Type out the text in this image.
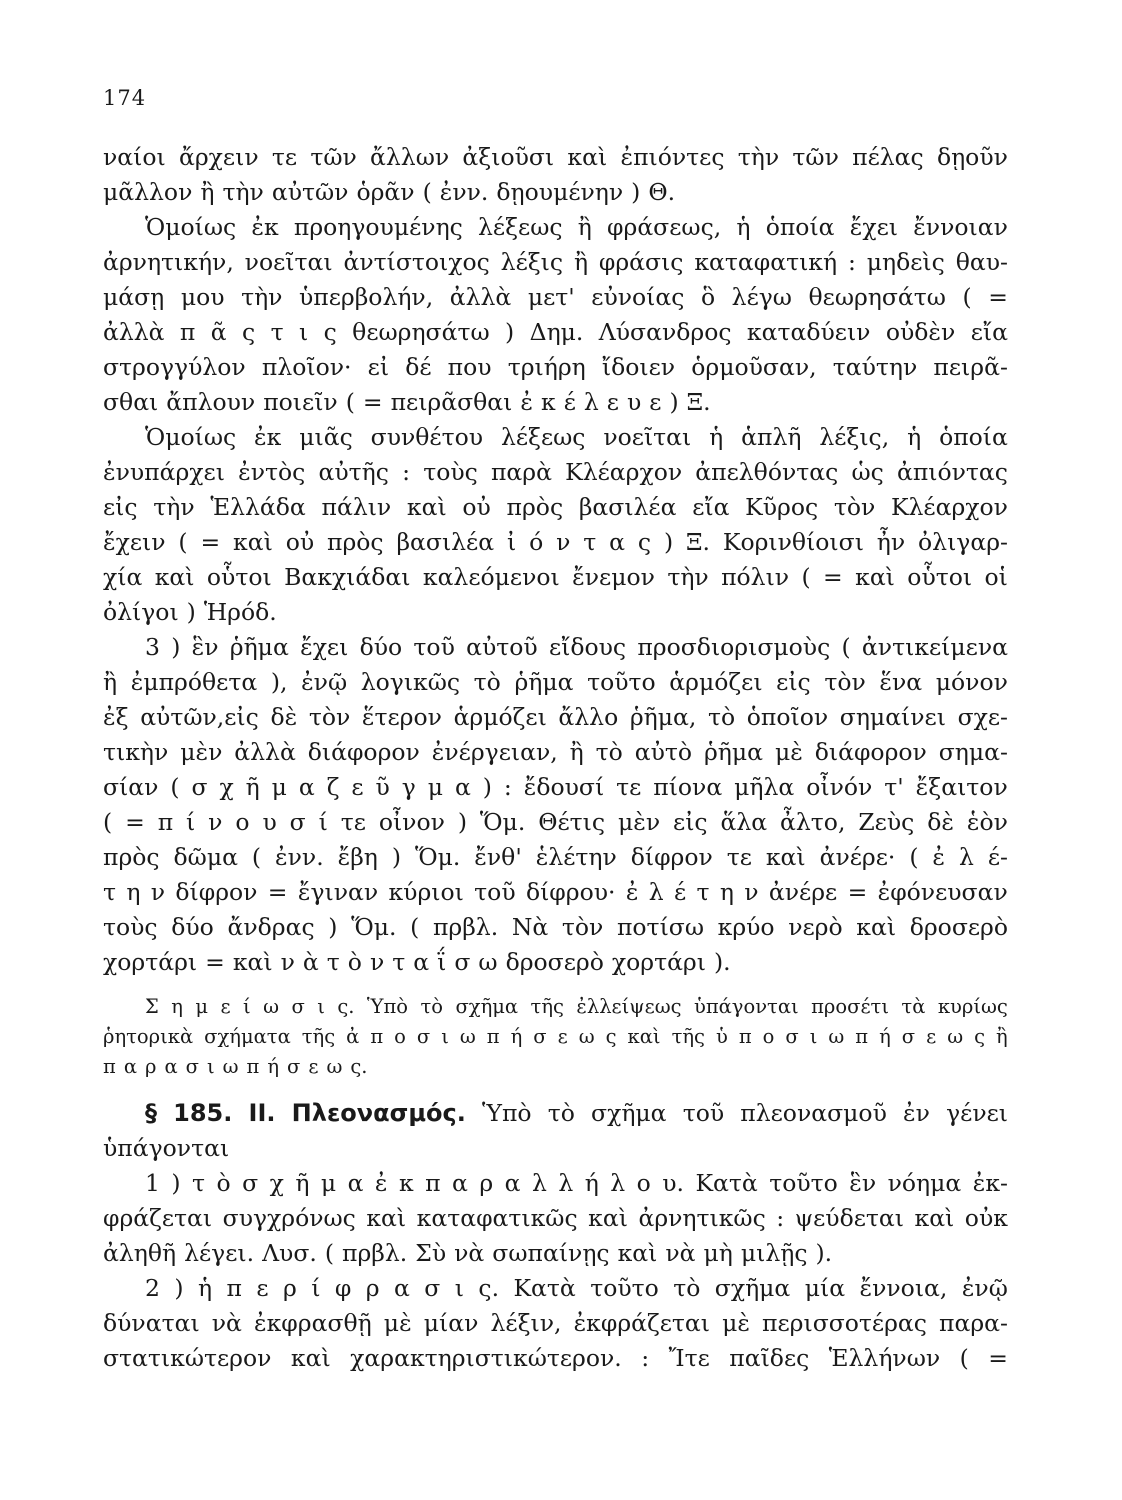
174
ναίοι ἄρχειν τε τῶν ἄλλων ἀξιοῦσι καὶ ἐπιόντες τὴν τῶν πέλας δῃοῦν
μᾶλλον ἢ τὴν αὐτῶν ὁρᾶν ( ἐνν. δῃουμένην ) Θ.
Ὁμοίως ἐκ προηγουμένης λέξεως ἢ φράσεως, ἡ ὁποία ἔχει ἔννοιαν
ἀρνητικήν, νοεῖται ἀντίστοιχος λέξις ἢ φράσις καταφατική : μηδεὶς θαυ-
μάσῃ μου τὴν ὑπερβολήν, ἀλλὰ μετ' εὐνοίας ὃ λέγω θεωρησάτω ( =
ἀλλὰ π ᾶ ς τ ι ς θεωρησάτω ) Δημ. Λύσανδρος καταδύειν οὐδὲν εἴα
στρογγύλον πλοῖον· εἰ δέ που τριήρη ἴδοιεν ὁρμοῦσαν, ταύτην πειρᾶ-
σθαι ἄπλουν ποιεῖν ( = πειρᾶσθαι ἐ κ έ λ ε υ ε ) Ξ.
Ὁμοίως ἐκ μιᾶς συνθέτου λέξεως νοεῖται ἡ ἁπλῆ λέξις, ἡ ὁποία
ἐνυπάρχει ἐντὸς αὐτῆς : τοὺς παρὰ Κλέαρχον ἀπελθόντας ὡς ἀπιόντας
εἰς τὴν Ἑλλάδα πάλιν καὶ οὐ πρὸς βασιλέα εἴα Κῦρος τὸν Κλέαρχον
ἔχειν ( = καὶ οὐ πρὸς βασιλέα ἰ ό ν τ α ς ) Ξ. Κορινθίοισι ἦν ὀλιγαρ-
χία καὶ οὗτοι Βακχιάδαι καλεόμενοι ἔνεμον τὴν πόλιν ( = καὶ οὗτοι οἱ
ὀλίγοι ) Ἡρόδ.
3 ) ἓν ῥῆμα ἔχει δύο τοῦ αὐτοῦ εἴδους προσδιορισμοὺς ( ἀντικείμενα
ἢ ἐμπρόθετα ), ἐνῷ λογικῶς τὸ ῥῆμα τοῦτο ἁρμόζει εἰς τὸν ἕνα μόνον
ἐξ αὐτῶν,εἰς δὲ τὸν ἕτερον ἁρμόζει ἄλλο ῥῆμα, τὸ ὁποῖον σημαίνει σχε-
τικὴν μὲν ἀλλὰ διάφορον ἐνέργειαν, ἢ τὸ αὐτὸ ῥῆμα μὲ διάφορον σημα-
σίαν ( σ χ ῆ μ α ζ ε ῦ γ μ α ) : ἔδουσί τε πίονα μῆλα οἶνόν τ' ἔξαιτον
( = π ί ν ο υ σ ί τε οἶνον ) Ὅμ. Θέτις μὲν εἰς ἅλα ἆλτο, Ζεὺς δὲ ἑὸν
πρὸς δῶμα ( ἐνν. ἔβη ) Ὅμ. ἔνθ' ἑλέτην δίφρον τε καὶ ἀνέρε· ( ἐ λ έ-
τ η ν δίφρον = ἔγιναν κύριοι τοῦ δίφρου· ἐ λ έ τ η ν ἀνέρε = ἐφόνευσαν
τοὺς δύο ἄνδρας ) Ὅμ. ( πρβλ. Νὰ τὸν ποτίσω κρύο νερὸ καὶ δροσερὸ
χορτάρι = καὶ ν ὰ τ ὸ ν τ α ΐ σ ω δροσερὸ χορτάρι ).
Σ η μ ε ί ω σ ι ς. Ὑπὸ τὸ σχῆμα τῆς ἐλλείψεως ὑπάγονται προσέτι τὰ κυρίως
ῥητορικὰ σχήματα τῆς ἀ π ο σ ι ω π ή σ ε ω ς καὶ τῆς ὑ π ο σ ι ω π ή σ ε ω ς ἢ
π α ρ α σ ι ω π ή σ ε ω ς.
§ 185. ΙΙ. Πλεονασμός. Ὑπὸ τὸ σχῆμα τοῦ πλεονασμοῦ ἐν γένει
ὑπάγονται
1 ) τ ὸ σ χ ῆ μ α ἐ κ π α ρ α λ λ ή λ ο υ. Κατὰ τοῦτο ἓν νόημα ἐκ-
φράζεται συγχρόνως καὶ καταφατικῶς καὶ ἀρνητικῶς : ψεύδεται καὶ οὐκ
ἀληθῆ λέγει. Λυσ. ( πρβλ. Σὺ νὰ σωπαίνῃς καὶ νὰ μὴ μιλῇς ).
2 ) ἡ π ε ρ ί φ ρ α σ ι ς. Κατὰ τοῦτο τὸ σχῆμα μία ἔννοια, ἐνῷ
δύναται νὰ ἐκφρασθῇ μὲ μίαν λέξιν, ἐκφράζεται μὲ περισσοτέρας παρα-
στατικώτερον καὶ χαρακτηριστικώτερον. : Ἴτε παῖδες Ἑλλήνων ( =
